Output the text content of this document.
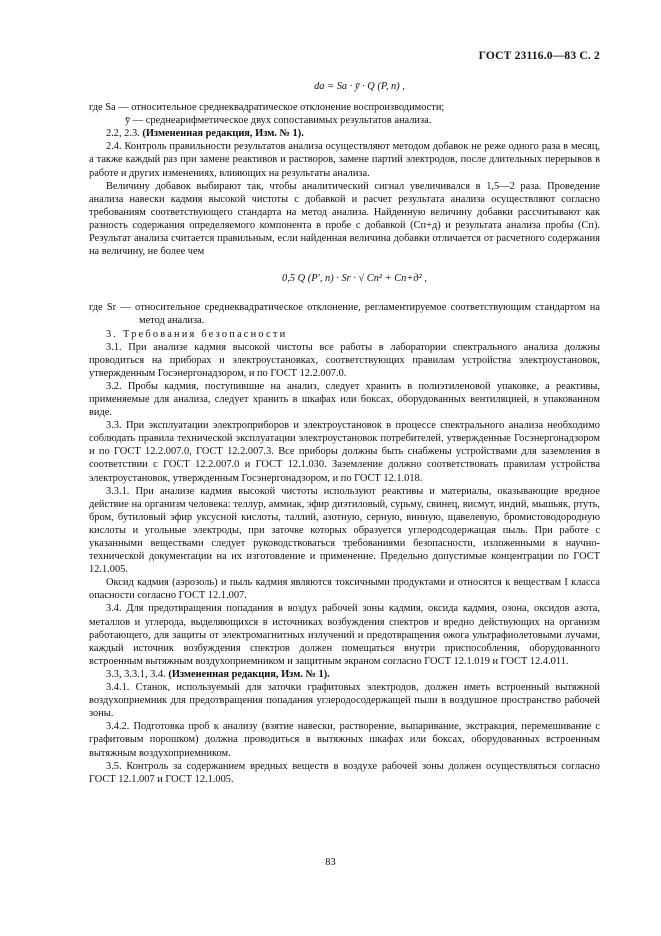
ГОСТ 23116.0—83 С. 2

dа = Sа · ȳ · Q (P, n) ,

где Sа — относительное среднеквадратическое отклонение воспроизводимости;

ȳ — среднеарифметическое двух сопоставимых результатов анализа.

2.2, 2.3. (Измененная редакция, Изм. № 1).

2.4. Контроль правильности результатов анализа осуществляют методом добавок не реже одного раза в месяц, а также каждый раз при замене реактивов и растворов, замене партий электродов, после длительных перерывов в работе и других изменениях, влияющих на результаты анализа.

Величину добавок выбирают так, чтобы аналитический сигнал увеличивался в 1,5—2 раза. Проведение анализа навески кадмия высокой чистоты с добавкой и расчет результата анализа осуществляют согласно требованиям соответствующего стандарта на метод анализа. Найденную величину добавки рассчитывают как разность содержания определяемого компонента в пробе с добавкой (Сп+д) и результата анализа пробы (Сп). Результат анализа считается правильным, если найденная величина добавки отличается от расчетного содержания на величину, не более чем

0,5 Q (P′, n) · Sr · √ Сп² + Сп+д² ,

где Sr — относительное среднеквадратическое отклонение, регламентируемое соответствующим стандартом на метод анализа.

3. Требования безопасности

3.1. При анализе кадмия высокой чистоты все работы в лаборатории спектрального анализа должны проводиться на приборах и электроустановках, соответствующих правилам устройства электроустановок, утвержденным Госэнергонадзором, и по ГОСТ 12.2.007.0.

3.2. Пробы кадмия, поступившие на анализ, следует хранить в полиэтиленовой упаковке, а реактивы, применяемые для анализа, следует хранить в шкафах или боксах, оборудованных вентиляцией, в упакованном виде.

3.3. При эксплуатации электроприборов и электроустановок в процессе спектрального анализа необходимо соблюдать правила технической эксплуатации электроустановок потребителей, утвержденные Госэнергонадзором и по ГОСТ 12.2.007.0, ГОСТ 12.2.007.3. Все приборы должны быть снабжены устройствами для заземления в соответствии с ГОСТ 12.2.007.0 и ГОСТ 12.1.030. Заземление должно соответствовать правилам устройства электроустановок, утвержденным Госэнергонадзором, и по ГОСТ 12.1.018.

3.3.1. При анализе кадмия высокой чистоты используют реактивы и материалы, оказывающие вредное действие на организм человека: теллур, аммиак, эфир диэтиловый, сурьму, свинец, висмут, индий, мышьяк, ртуть, бром, бутиловый эфир уксусной кислоты, таллий, азотную, серную, винную, щавелевую, бромистоводородную кислоты и угольные электроды, при заточке которых образуется углеродсодержащая пыль. При работе с указанными веществами следует руководствоваться требованиями безопасности, изложенными в научно-технической документации на их изготовление и применение. Предельно допустимые концентрации по ГОСТ 12.1.005.

Оксид кадмия (аэрозоль) и пыль кадмия являются токсичными продуктами и относятся к веществам I класса опасности согласно ГОСТ 12.1.007.

3.4. Для предотвращения попадания в воздух рабочей зоны кадмия, оксида кадмия, озона, оксидов азота, металлов и углерода, выделяющихся в источниках возбуждения спектров и вредно действующих на организм работающего, для защиты от электромагнитных излучений и предотвращения ожога ультрафиолетовыми лучами, каждый источник возбуждения спектров должен помещаться внутри приспособления, оборудованного встроенным вытяжным воздухоприемником и защитным экраном согласно ГОСТ 12.1.019 и ГОСТ 12.4.011.

3.3, 3.3.1, 3.4. (Измененная редакция, Изм. № 1).

3.4.1. Станок, используемый для заточки графитовых электродов, должен иметь встроенный вытяжной воздухоприемник для предотвращения попадания углеродосодержащей пыли в воздушное пространство рабочей зоны.

3.4.2. Подготовка проб к анализу (взятие навески, растворение, выпаривание, экстракция, перемешивание с графитовым порошком) должна проводиться в вытяжных шкафах или боксах, оборудованных встроенным вытяжным воздухоприемником.

3.5. Контроль за содержанием вредных веществ в воздухе рабочей зоны должен осуществляться согласно ГОСТ 12.1.007 и ГОСТ 12.1.005.

83
